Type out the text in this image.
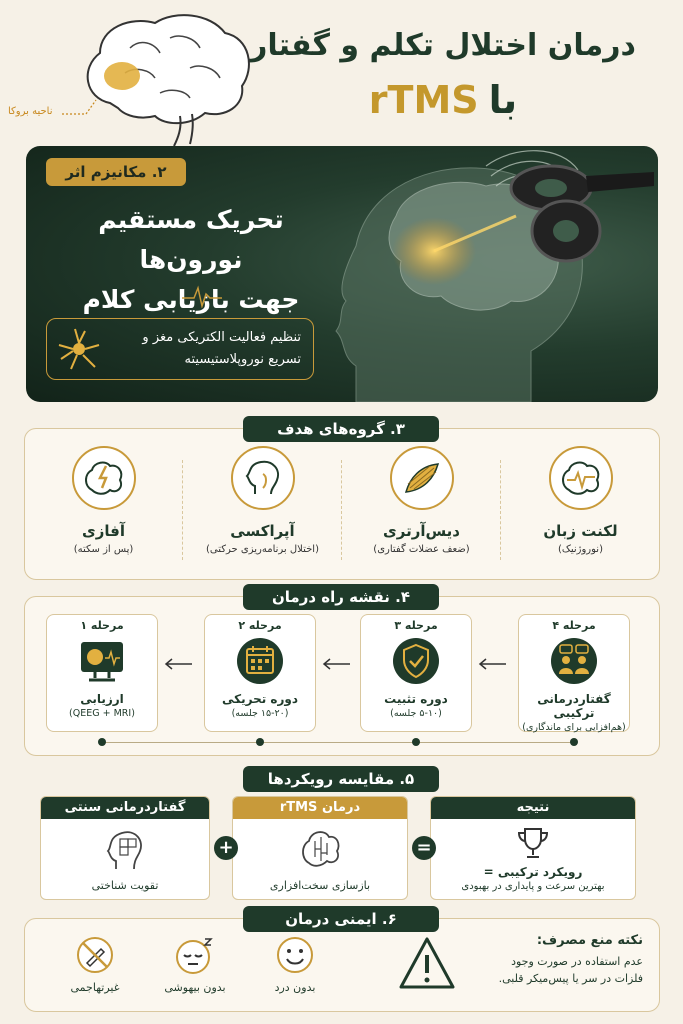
درمان اختلال تکلم و گفتار
باrTMS
ناحیه بروکا
۲. مکانیزم اثر
تحریک مستقیم نورون‌ها
جهت بازیابی کلام
تنظیم فعالیت الکتریکی مغز و
تسریع نوروپلاستیسیته
۳. گروه‌های هدف
لکنت زبان
(نوروژنیک)
دیس‌آرتری
(ضعف عضلات گفتاری)
آپراکسی
(اختلال برنامه‌ریزی حرکتی)
آفازی
(پس از سکته)
۴. نقشه راه درمان
مرحله ۴
گفتاردرمانی ترکیبی
(هم‌افزایی برای ماندگاری)
مرحله ۳
دوره تثبیت
(۵-۱۰ جلسه)
مرحله ۲
دوره تحریکی
(۱۵-۲۰ جلسه)
مرحله ۱
ارزیابی
(QEEG + MRI)
۵. مقایسه رویکردها
نتیجه
رویکرد ترکیبی =
بهترین سرعت و پایداری در بهبودی
=
درمان rTMS
بازسازی سخت‌افزاری
+
گفتاردرمانی سنتی
تقویت شناختی
نکته منع مصرف:
عدم استفاده در صورت وجود
فلزات در سر یا پیس‌میکر قلبی.
بدون درد
بدون بیهوشی
غیرتهاجمی
۶. ایمنی درمان
